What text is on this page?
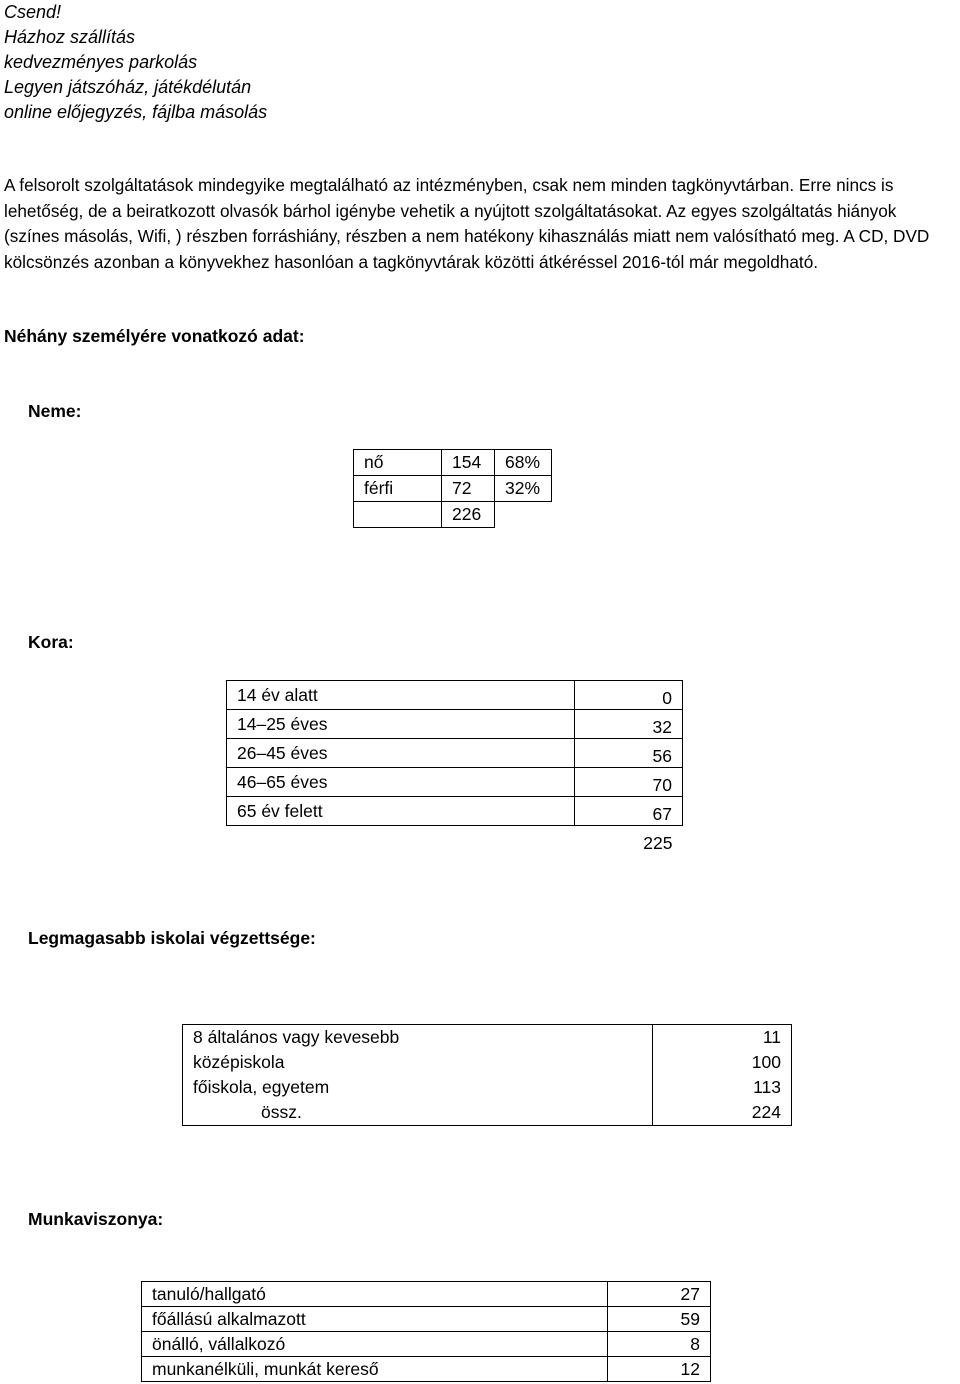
Csend!
Házhoz szállítás
kedvezményes parkolás
Legyen játszóház, játékdélután
online előjegyzés, fájlba másolás

A felsorolt szolgáltatások mindegyike megtalálható az intézményben, csak nem minden tagkönyvtárban. Erre nincs is lehetőség, de a beiratkozott olvasók bárhol igénybe vehetik a nyújtott szolgáltatásokat. Az egyes szolgáltatás hiányok (színes másolás, Wifi, ) részben forráshiány, részben a nem hatékony kihasználás miatt nem valósítható meg. A CD, DVD kölcsönzés azonban a könyvekhez hasonlóan a tagkönyvtárak közötti átkéréssel 2016-tól már megoldható.

Néhány személyére vonatkozó adat:

Neme:

nő	154	68%
férfi	72	32%
	226	

Kora:

14 év alatt	0
14‒25 éves	32
26‒45 éves	56
46‒65 éves	70
65 év felett	67
	225

Legmagasabb iskolai végzettsége:

8 általános vagy kevesebb	11
középiskola	100
főiskola, egyetem	113
össz.	224

Munkaviszonya:

tanuló/hallgató	27
főállású alkalmazott	59
önálló, vállalkozó	8
munkanélküli, munkát kereső	12
